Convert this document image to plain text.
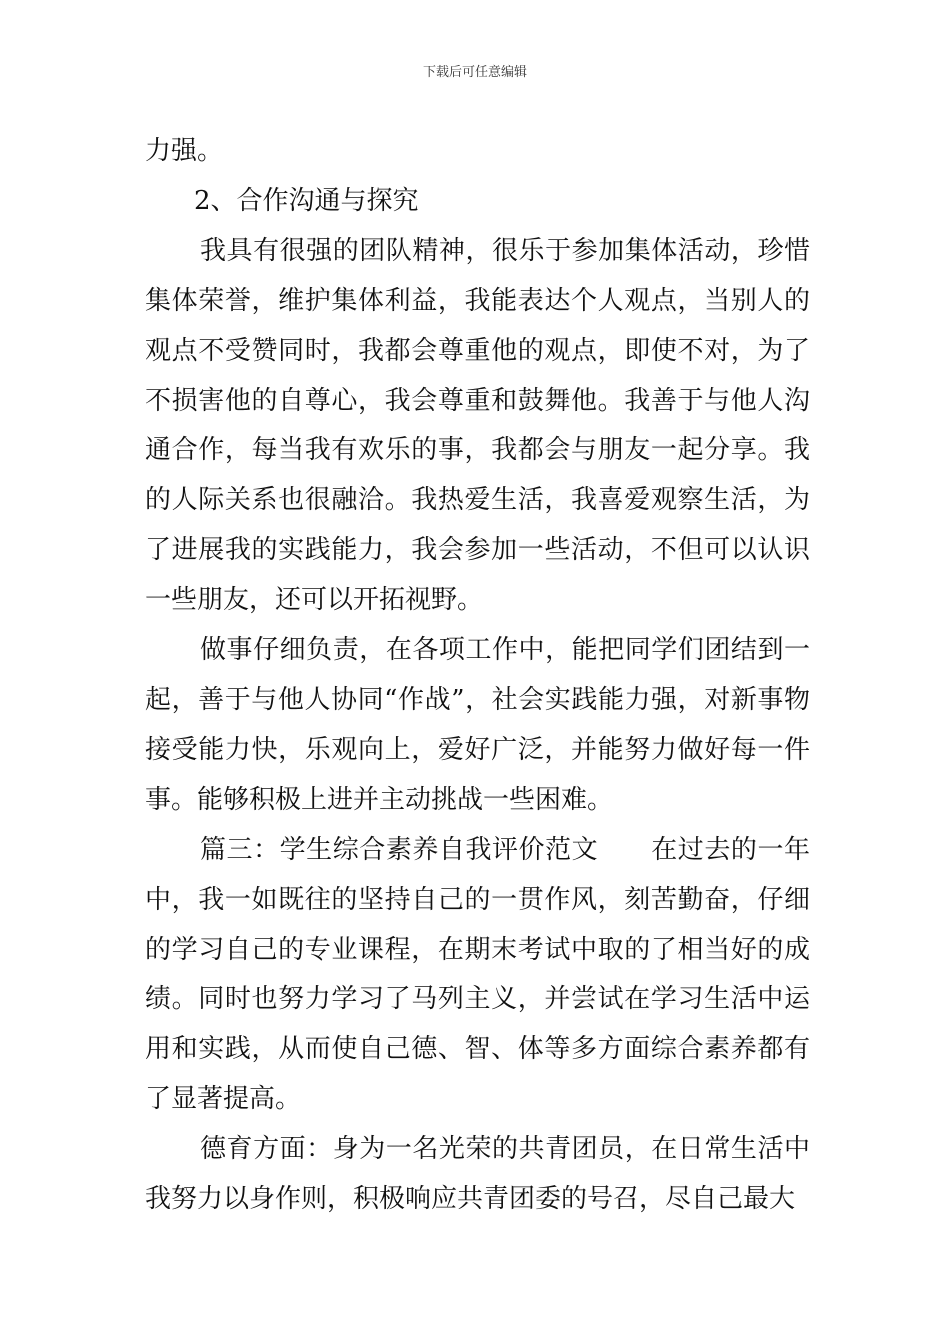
下载后可任意编辑

力强。

2、合作沟通与探究

我具有很强的团队精神，很乐于参加集体活动，珍惜集体荣誉，维护集体利益，我能表达个人观点，当别人的观点不受赞同时，我都会尊重他的观点，即使不对，为了不损害他的自尊心，我会尊重和鼓舞他。我善于与他人沟通合作，每当我有欢乐的事，我都会与朋友一起分享。我的人际关系也很融洽。我热爱生活，我喜爱观察生活，为了进展我的实践能力，我会参加一些活动，不但可以认识一些朋友，还可以开拓视野。

做事仔细负责，在各项工作中，能把同学们团结到一起，善于与他人协同“作战”，社会实践能力强，对新事物接受能力快，乐观向上，爱好广泛，并能努力做好每一件事。能够积极上进并主动挑战一些困难。

篇三：学生综合素养自我评价范文　　在过去的一年中，我一如既往的坚持自己的一贯作风，刻苦勤奋，仔细的学习自己的专业课程，在期末考试中取的了相当好的成绩。同时也努力学习了马列主义，并尝试在学习生活中运用和实践，从而使自己德、智、体等多方面综合素养都有了显著提高。

德育方面：身为一名光荣的共青团员，在日常生活中我努力以身作则，积极响应共青团委的号召，尽自己最大
